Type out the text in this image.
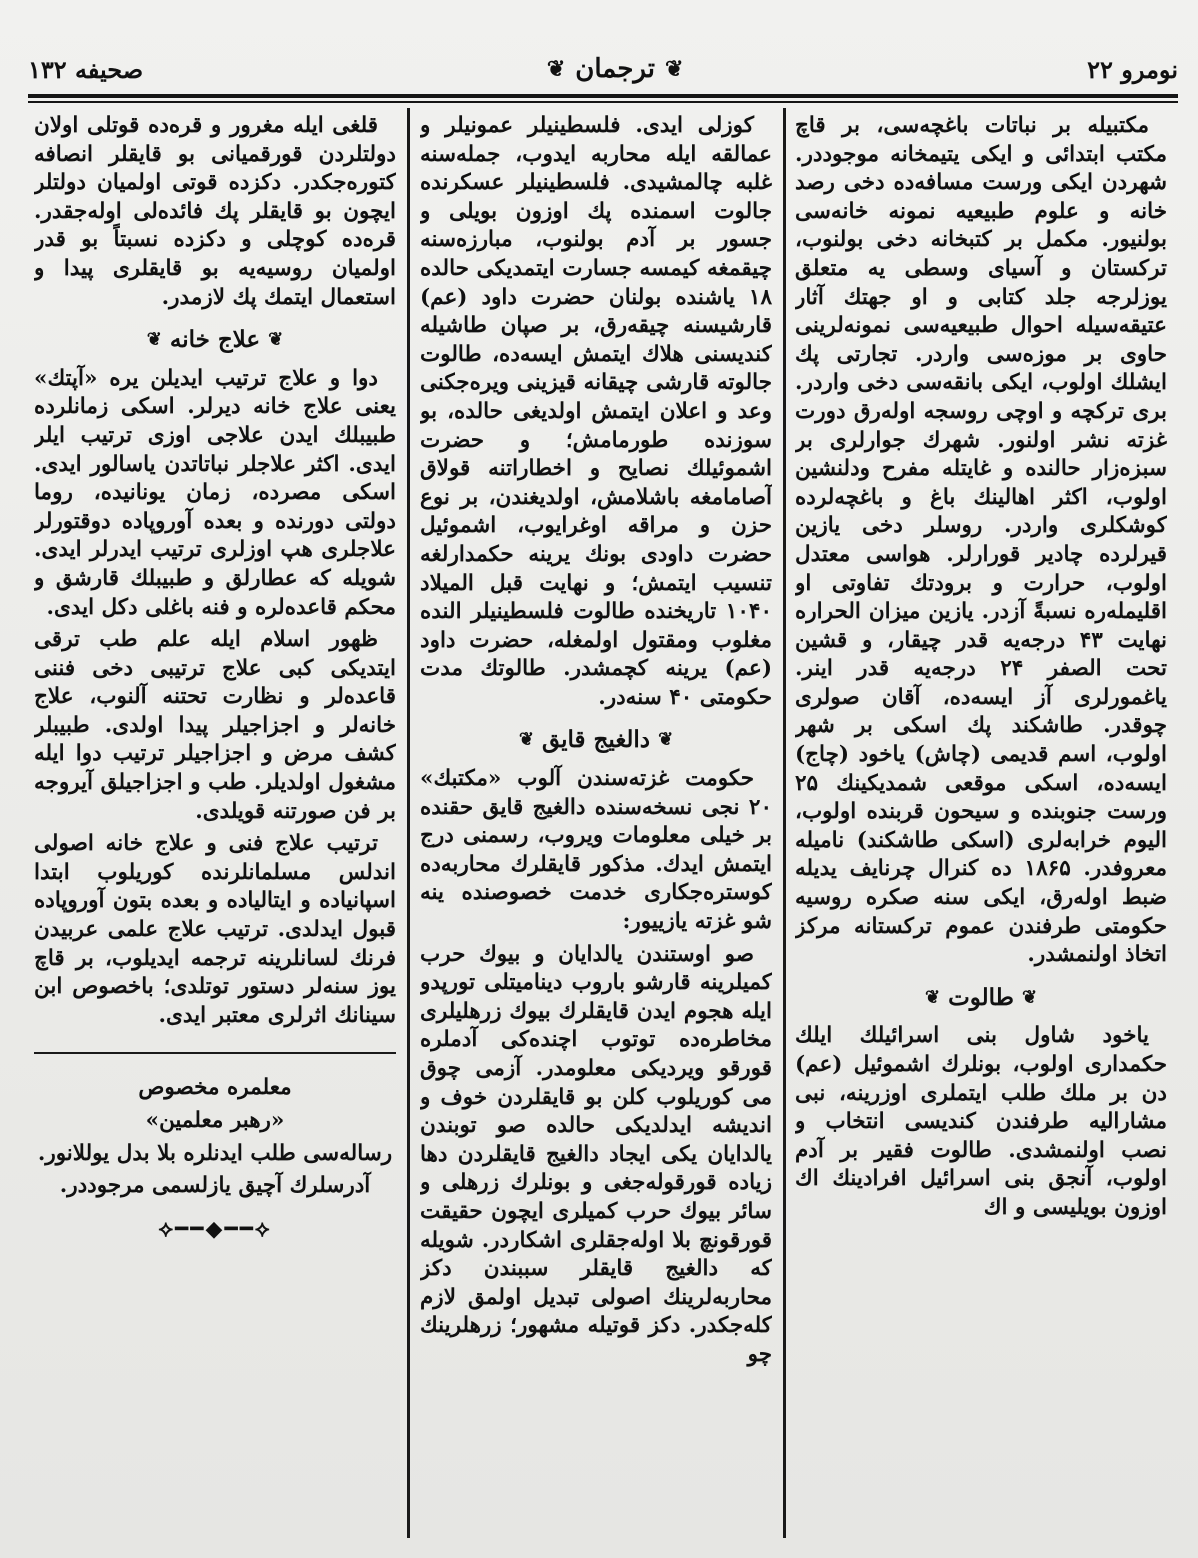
نومرو ۲۲
❦
ترجمان
❦
صحیفه ۱۳۲

مکتبیله بر نباتات باغچه‌سی، بر قاچ مکتب ابتدائی و ایکی یتیمخانه موجوددر. شهردن ایکی ورست مسافه‌ده دخی رصد خانه و علوم طبیعیه نمونه خانه‌سی بولنیور. مکمل بر کتبخانه دخی بولنوب، ترکستان و آسیای وسطی یه متعلق یوزلرجه جلد کتابی و او جهتك آثار عتیقه‌سیله احوال طبیعیه‌سی نمونه‌لرینی حاوی بر موزه‌سی واردر. تجارتی پك ایشلك اولوب، ایکی بانقه‌سی دخی واردر. بری ترکچه و اوچی روسجه اوله‌رق دورت غزته نشر اولنور. شهرك جوارلری بر سبزه‌زار حالنده و غایتله مفرح ودلنشین اولوب، اکثر اهالینك باغ و باغچه‌لرده کوشکلری واردر. روسلر دخی یازین قیرلرده چادیر قورارلر. هواسی معتدل اولوب، حرارت و برودتك تفاوتی او اقلیمله‌ره نسبةً آزدر. یازین میزان الحراره نهایت ۴۳ درجه‌یه قدر چیقار، و قشین تحت الصفر ۲۴ درجه‌یه قدر اینر. یاغمورلری آز ایسه‌ده، آقان صولری چوقدر. طاشکند پك اسکی بر شهر اولوب، اسم قدیمی (چاش) یاخود (چاج) ایسه‌ده، اسکی موقعی شمدیکینك ۲۵ ورست جنوبنده و سیحون قربنده اولوب، الیوم خرابه‌لری (اسکی طاشکند) نامیله معروفدر. ۱۸۶۵ ده کنرال چرنایف یدیله ضبط اوله‌رق، ایکی سنه صکره روسیه حکومتی طرفندن عموم ترکستانه مرکز اتخاذ اولنمشدر.

❦
طالوت
❦

یاخود شاول بنی اسرائیلك ایلك حکمداری اولوب، بونلرك اشموئیل (عم) دن بر ملك طلب ایتملری اوزرینه، نبی مشارالیه طرفندن کندیسی انتخاب و نصب اولنمشدی. طالوت فقیر بر آدم اولوب، آنجق بنی اسرائیل افرادینك اك اوزون بویلیسی و اك

کوزلی ایدی. فلسطینیلر عمونیلر و عمالقه ایله محاربه ایدوب، جمله‌سنه غلبه چالمشیدی. فلسطینیلر عسکرنده جالوت اسمنده پك اوزون بویلی و جسور بر آدم بولنوب، مبارزه‌سنه چیقمغه کیمسه جسارت ایتمدیکی حالده ۱۸ یاشنده بولنان حضرت داود (عم) قارشیسنه چیقه‌رق، بر صپان طاشیله کندیسنی هلاك ایتمش ایسه‌ده، طالوت جالوته قارشی چیقانه قیزینی ویره‌جکنی وعد و اعلان ایتمش اولدیغی حالده، بو سوزنده طورمامش؛ و حضرت اشموئیلك نصایح و اخطاراتنه قولاق آصامامغه باشلامش، اولدیغندن، بر نوع حزن و مراقه اوغرایوب، اشموئیل حضرت داودی بونك یرینه حکمدارلغه تنسیب ایتمش؛ و نهایت قبل المیلاد ۱۰۴۰ تاریخنده طالوت فلسطینیلر النده مغلوب ومقتول اولمغله، حضرت داود (عم) یرینه کچمشدر. طالوتك مدت حکومتی ۴۰ سنه‌در.

❦
دالغیج قایق
❦

حکومت غزته‌سندن آلوب «مکتبك» ۲۰ نجی نسخه‌سنده دالغیج قایق حقنده بر خیلی معلومات ویروب، رسمنی درج ایتمش ایدك. مذکور قایقلرك محاربه‌ده کوستره‌جکاری خدمت خصوصنده ینه شو غزته یازییور:

صو اوستندن یالدایان و بیوك حرب کمیلرینه قارشو باروب دینامیتلی تورپدو ایله هجوم ایدن قایقلرك بیوك زرهلیلری مخاطره‌ده توتوب اچنده‌کی آدملره قورقو ویردیکی معلومدر. آزمی چوق می کوریلوب کلن بو قایقلردن خوف و اندیشه ایدلدیکی حالده صو توبندن یالدایان یکی ایجاد دالغیج قایقلردن دها زیاده قورقوله‌جغی و بونلرك زرهلی و سائر بیوك حرب کمیلری ایچون حقیقت قورقونچ بلا اوله‌جقلری اشکاردر. شویله که دالغیج قایقلر سببندن دکز محاربه‌لرینك اصولی تبدیل اولمق لازم کله‌جکدر. دکز قوتیله مشهور؛ زرهلرینك چو

قلغی ایله مغرور و قره‌ده قوتلی اولان دولتلردن قورقمیانی بو قایقلر انصافه کتوره‌جکدر. دکزده قوتی اولمیان دولتلر ایچون بو قایقلر پك فائده‌لی اوله‌جقدر. قره‌ده کوچلی و دکزده نسبتاً بو قدر اولمیان روسیه‌یه بو قایقلری پیدا و استعمال ایتمك پك لازمدر.

❦
علاج خانه
❦

دوا و علاج ترتیب ایدیلن یره «آپتك» یعنی علاج خانه دیرلر. اسکی زمانلرده طبیبلك ایدن علاجی اوزی ترتیب ایلر ایدی. اکثر علاجلر نباتاتدن یاسالور ایدی. اسکی مصرده، زمان یونانیده، روما دولتی دورنده و بعده آوروپاده دوقتورلر علاجلری هپ اوزلری ترتیب ایدرلر ایدی. شویله که عطارلق و طبیبلك قارشق و محکم قاعده‌لره و فنه باغلی دکل ایدی.

ظهور اسلام ایله علم طب ترقی ایتدیکی کبی علاج ترتیبی دخی فننی قاعده‌لر و نظارت تحتنه آلنوب، علاج خانه‌لر و اجزاجیلر پیدا اولدی. طبیبلر کشف مرض و اجزاجیلر ترتیب دوا ایله مشغول اولدیلر. طب و اجزاجیلق آیروجه بر فن صورتنه قویلدی.

ترتیب علاج فنی و علاج خانه اصولی اندلس مسلمانلرنده کوریلوب ابتدا اسپانیاده و ایتالیاده و بعده بتون آوروپاده قبول ایدلدی. ترتیب علاج علمی عربیدن فرنك لسانلرینه ترجمه ایدیلوب، بر قاچ یوز سنه‌لر دستور توتلدی؛ باخصوص ابن سینانك اثرلری معتبر ایدی.

معلمره مخصوص
«رهبر معلمین»
رساله‌سی طلب ایدنلره بلا بدل یوللانور.
آدرسلرك آچیق یازلسمی مرجوددر.
⟡━━◆━━⟡
